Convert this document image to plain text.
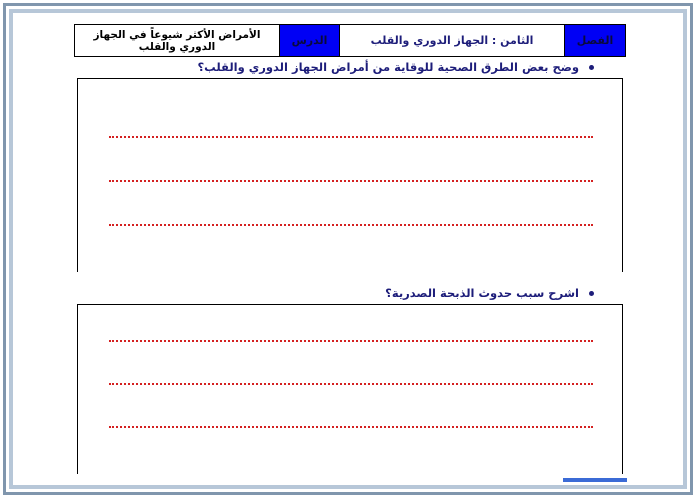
الأمراض الأكثر شيوعاً في الجهاز الدوري والقلب	الدرس	الثامن : الجهاز الدوري والقلب	الفصل
وضح بعض الطرق الصحية للوقاية من أمراض الجهاز الدوري والقلب؟
اشرح سبب حدوث الذبحة الصدرية؟
